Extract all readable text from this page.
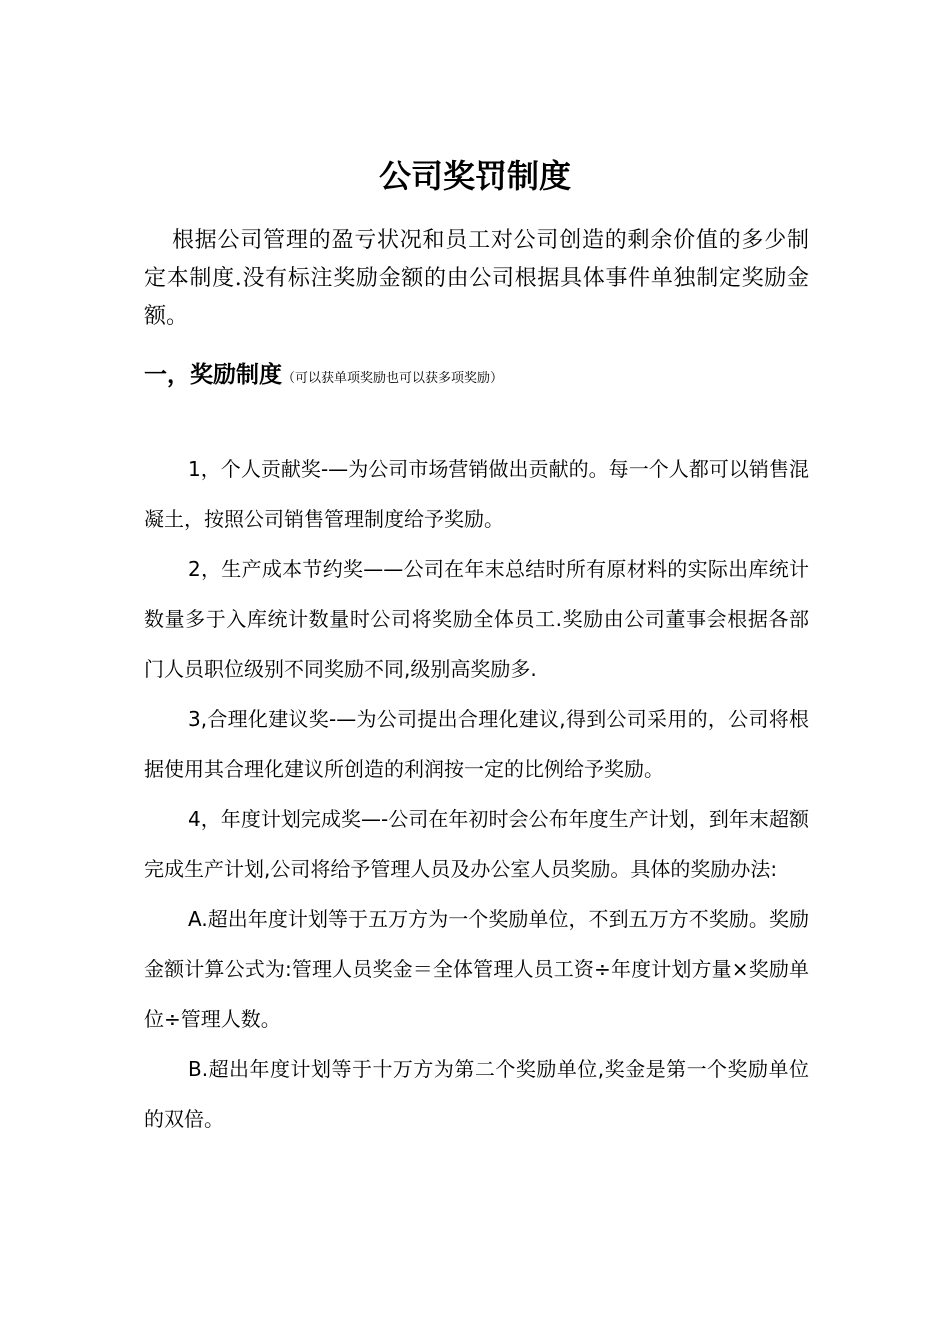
公司奖罚制度

根据公司管理的盈亏状况和员工对公司创造的剩余价值的多少制定本制度.没有标注奖励金额的由公司根据具体事件单独制定奖励金额。

一，奖励制度（可以获单项奖励也可以获多项奖励）

1，个人贡献奖-—为公司市场营销做出贡献的。每一个人都可以销售混凝土，按照公司销售管理制度给予奖励。

2，生产成本节约奖——公司在年末总结时所有原材料的实际出库统计数量多于入库统计数量时公司将奖励全体员工.奖励由公司董事会根据各部门人员职位级别不同奖励不同,级别高奖励多.

3,合理化建议奖-—为公司提出合理化建议,得到公司采用的，公司将根据使用其合理化建议所创造的利润按一定的比例给予奖励。

4，年度计划完成奖—-公司在年初时会公布年度生产计划，到年末超额完成生产计划,公司将给予管理人员及办公室人员奖励。具体的奖励办法:

A.超出年度计划等于五万方为一个奖励单位，不到五万方不奖励。奖励金额计算公式为:管理人员奖金＝全体管理人员工资÷年度计划方量×奖励单位÷管理人数。

B.超出年度计划等于十万方为第二个奖励单位,奖金是第一个奖励单位的双倍。
